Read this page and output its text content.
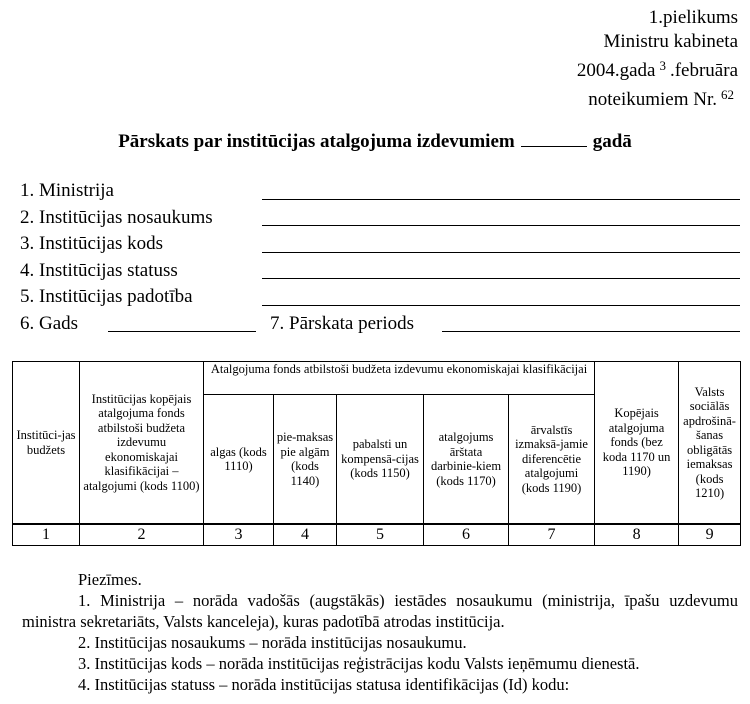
1.pielikums
Ministru kabineta
2004.gada $^3$ .februāra
noteikumiem Nr. $^{62}$
Pārskats par institūcijas atalgojuma izdevumiem	gadā
1. Ministrija
2. Institūcijas nosaukums
3. Institūcijas kods
4. Institūcijas statuss
5. Institūcijas padotība
6. Gads	7. Pārskata periods
Institūci-jas budžets	Institūcijas kopējais atalgojuma fonds atbilstoši budžeta izdevumu ekonomiskajai klasifikācijai – atalgojumi (kods 1100)	Atalgojuma fonds atbilstoši budžeta izdevumu ekonomiskajai klasifikācijai					Kopējais atalgojuma fonds (bez koda 1170 un 1190)	Valsts sociālās apdrošinā-šanas obligātās iemaksas (kods 1210)
		algas (kods 1110)	pie-maksas pie algām (kods 1140)	pabalsti un kompensā-cijas (kods 1150)	atalgojums ārštata darbinie-kiem (kods 1170)	ārvalstīs izmaksā-jamie diferencētie atalgojumi (kods 1190)		
1	2	3	4	5	6	7	8	9

Piezīmes.

1. Ministrija – norāda vadošās (augstākās) iestādes nosaukumu (ministrija, īpašu uzdevumu ministra sekretariāts, Valsts kanceleja), kuras padotībā atrodas institūcija.

2. Institūcijas nosaukums – norāda institūcijas nosaukumu.

3. Institūcijas kods – norāda institūcijas reģistrācijas kodu Valsts ieņēmumu dienestā.

4. Institūcijas statuss – norāda institūcijas statusa identifikācijas (Id) kodu:
